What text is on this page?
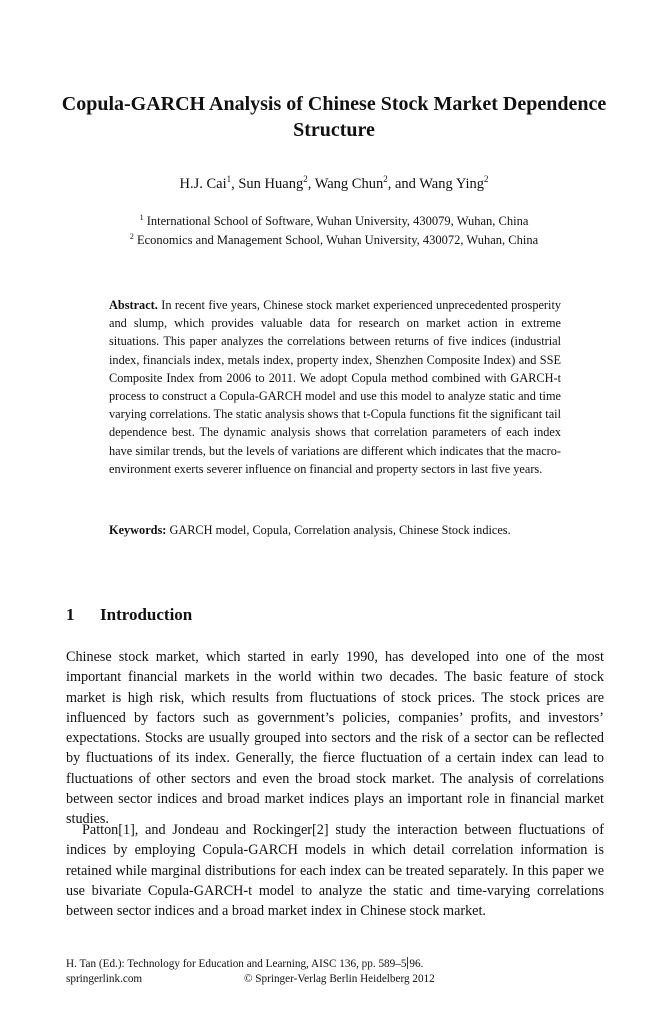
Copula-GARCH Analysis of Chinese Stock Market Dependence Structure
H.J. Cai$^1$, Sun Huang$^2$, Wang Chun$^2$, and Wang Ying$^2$
$^1$ International School of Software, Wuhan University, 430079, Wuhan, China
$^2$ Economics and Management School, Wuhan University, 430072, Wuhan, China
Abstract. In recent five years, Chinese stock market experienced unprecedented prosperity and slump, which provides valuable data for research on market action in extreme situations. This paper analyzes the correlations between returns of five indices (industrial index, financials index, metals index, property index, Shenzhen Composite Index) and SSE Composite Index from 2006 to 2011. We adopt Copula method combined with GARCH-t process to construct a Copula-GARCH model and use this model to analyze static and time varying correlations. The static analysis shows that t-Copula functions fit the significant tail dependence best. The dynamic analysis shows that correlation parameters of each index have similar trends, but the levels of variations are different which indicates that the macro-environment exerts severer influence on financial and property sectors in last five years.
Keywords: GARCH model, Copula, Correlation analysis, Chinese Stock indices.
1 Introduction

Chinese stock market, which started in early 1990, has developed into one of the most important financial markets in the world within two decades. The basic feature of stock market is high risk, which results from fluctuations of stock prices. The stock prices are influenced by factors such as government’s policies, companies’ profits, and investors’ expectations. Stocks are usually grouped into sectors and the risk of a sector can be reflected by fluctuations of its index. Generally, the fierce fluctuation of a certain index can lead to fluctuations of other sectors and even the broad stock market. The analysis of correlations between sector indices and broad market indices plays an important role in financial market studies.

Patton[1], and Jondeau and Rockinger[2] study the interaction between fluctuations of indices by employing Copula-GARCH models in which detail correlation information is retained while marginal distributions for each index can be treated separately. In this paper we use bivariate Copula-GARCH-t model to analyze the static and time-varying correlations between sector indices and a broad market index in Chinese stock market.

H. Tan (Ed.): Technology for Education and Learning, AISC 136, pp. 589–5 96.
springerlink.com	© Springer-Verlag Berlin Heidelberg 2012
